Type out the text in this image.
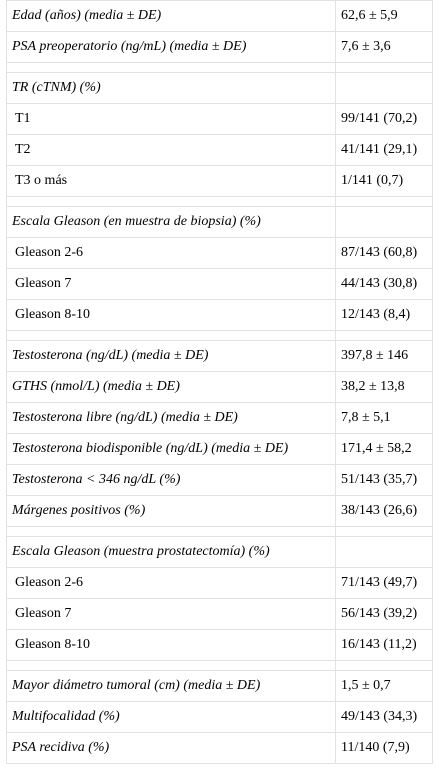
Edad (años) (media ± DE)	62,6 ± 5,9
PSA preoperatorio (ng/mL) (media ± DE)	7,6 ± 3,6

TR (cTNM) (%)	
T1	99/141 (70,2)
T2	41/141 (29,1)
T3 o más	1/141 (0,7)

Escala Gleason (en muestra de biopsia) (%)	
Gleason 2-6	87/143 (60,8)
Gleason 7	44/143 (30,8)
Gleason 8-10	12/143 (8,4)

Testosterona (ng/dL) (media ± DE)	397,8 ± 146
GTHS (nmol/L) (media ± DE)	38,2 ± 13,8
Testosterona libre (ng/dL) (media ± DE)	7,8 ± 5,1
Testosterona biodisponible (ng/dL) (media ± DE)	171,4 ± 58,2
Testosterona < 346 ng/dL (%)	51/143 (35,7)
Márgenes positivos (%)	38/143 (26,6)

Escala Gleason (muestra prostatectomía) (%)	
Gleason 2-6	71/143 (49,7)
Gleason 7	56/143 (39,2)
Gleason 8-10	16/143 (11,2)

Mayor diámetro tumoral (cm) (media ± DE)	1,5 ± 0,7
Multifocalidad (%)	49/143 (34,3)
PSA recidiva (%)	11/140 (7,9)
